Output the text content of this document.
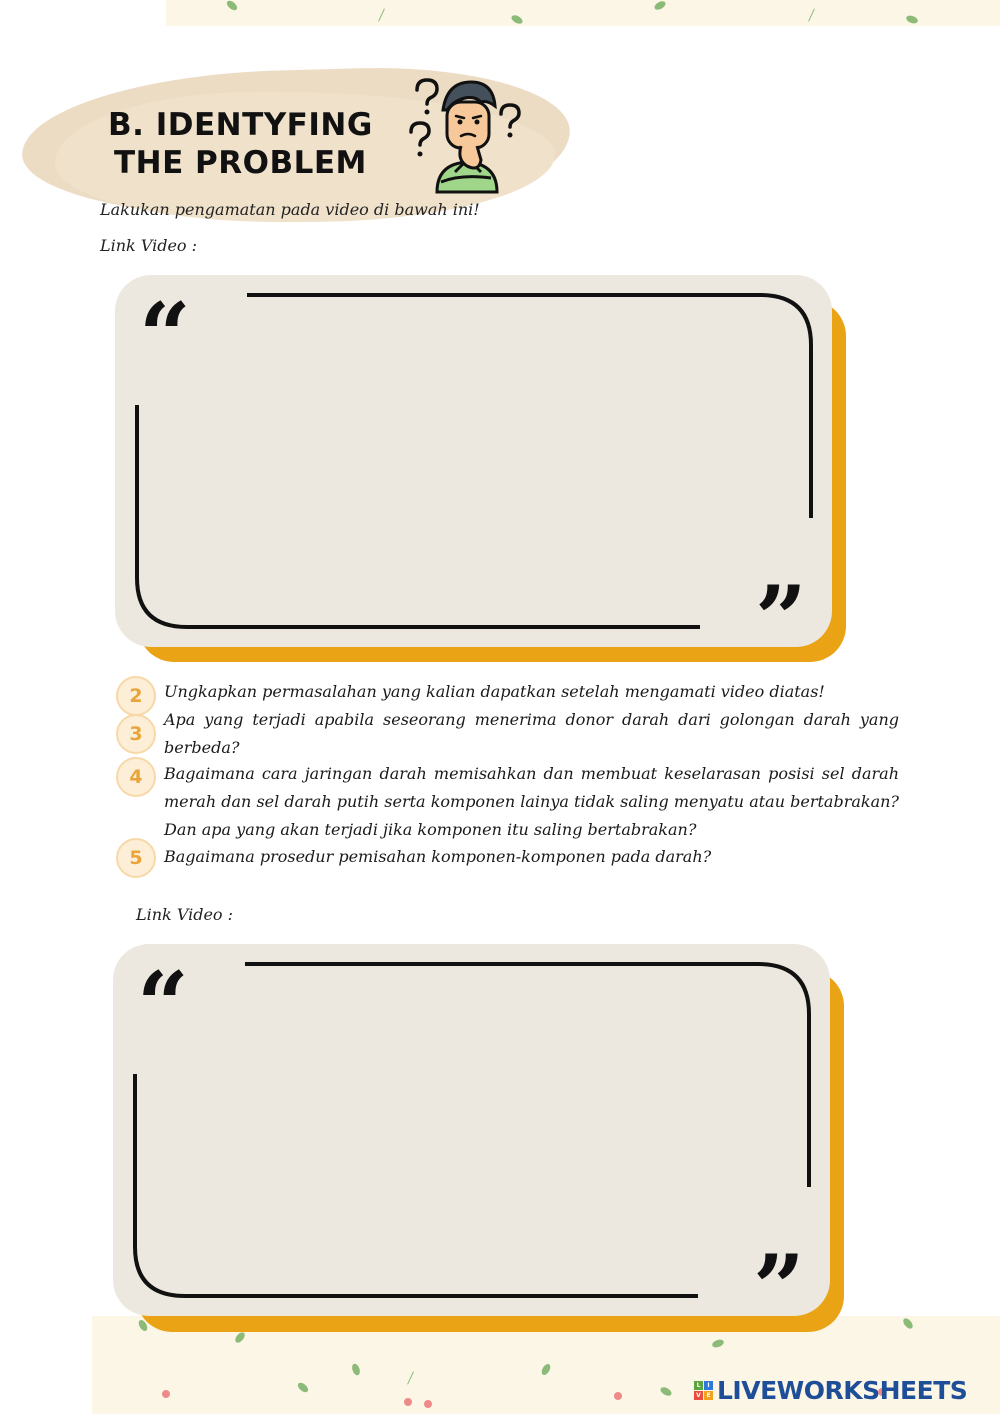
B. IDENTYFING
THE PROBLEM
Lakukan pengamatan pada video di bawah ini!
Link Video :
“
”
2	Ungkapkan permasalahan yang kalian dapatkan setelah mengamati video diatas!
3
Apa yang terjadi apabila seseorang menerima donor darah dari golongan darah yang berbeda?
4	Bagaimana cara jaringan darah memisahkan dan membuat keselarasan posisi sel darah merah dan sel darah putih serta komponen lainya tidak saling menyatu atau bertabrakan? Dan apa yang akan terjadi jika komponen itu saling bertabrakan?
5	Bagaimana prosedur pemisahan komponen-komponen pada darah?
Link Video :
“
”
L	I
V E LIVEWORKSHEETS
